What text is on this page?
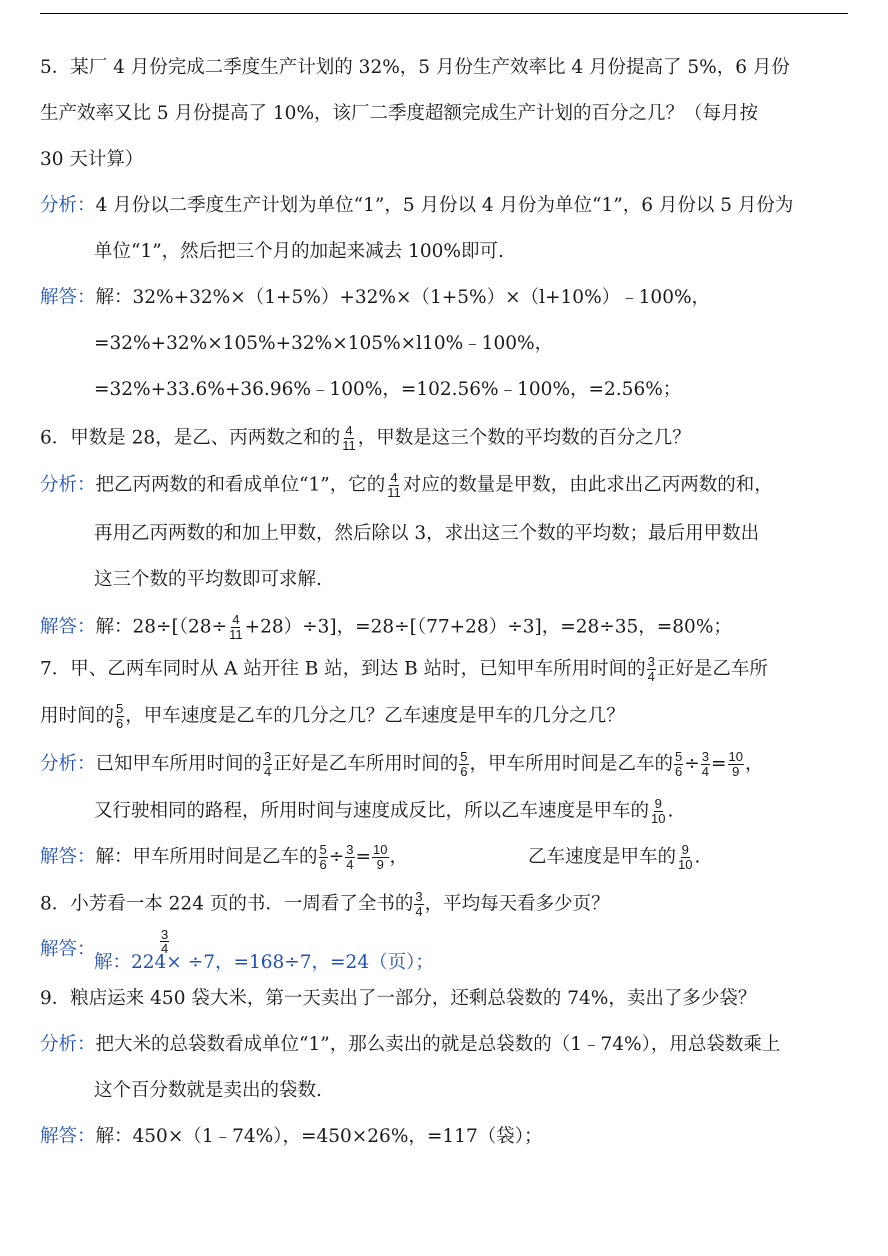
5．某厂 4 月份完成二季度生产计划的 32%，5 月份生产效率比 4 月份提高了 5%，6 月份
生产效率又比 5 月份提高了 10%，该厂二季度超额完成生产计划的百分之几？（每月按
30 天计算）
分析：4 月份以二季度生产计划为单位“1”，5 月份以 4 月份为单位“1”，6 月份以 5 月份为
单位“1”，然后把三个月的加起来减去 100%即可.
解答：解：32%+32%×（1+5%）+32%×（1+5%）×（l+10%）﹣100%，
=32%+32%×105%+32%×105%×l10%﹣100%，
=32%+33.6%+36.96%﹣100%，=102.56%﹣100%，=2.56%；
6．甲数是 28，是乙、丙两数之和的 $\frac{4}{11}$ ，甲数是这三个数的平均数的百分之几？
分析：把乙丙两数的和看成单位“1”，它的 $\frac{4}{11}$ 对应的数量是甲数，由此求出乙丙两数的和，
再用乙丙两数的和加上甲数，然后除以 3，求出这三个数的平均数；最后用甲数出
这三个数的平均数即可求解.
解答：解：$28\div[(28\div \frac{4}{11} +28)\div 3]$，=28÷[（77+28）÷3]，=28÷35，=80%；
7．甲、乙两车同时从 A 站开往 B 站，到达 B 站时，已知甲车所用时间的 $\frac{3}{4}$ 正好是乙车所
用时间的 $\frac{5}{6}$ ，甲车速度是乙车的几分之几？乙车速度是甲车的几分之几？
分析：已知甲车所用时间的 $\frac{3}{4}$ 正好是乙车所用时间的 $\frac{5}{6}$ ，甲车所用时间是乙车的 $\frac{5}{6} \div \frac{3}{4} = \frac{10}{9}$ ，
又行驶相同的路程，所用时间与速度成反比，所以乙车速度是甲车的 $\frac{9}{10}$ .
解答：解：甲车所用时间是乙车的 $\frac{5}{6} \div \frac{3}{4} = \frac{10}{9}$ ，	乙车速度是甲车的 $\frac{9}{10}$ .
8．小芳看一本 224 页的书．一周看了全书的 $\frac{3}{4}$ ，平均每天看多少页？
解答：	$\frac{3}{4}$
解：224× ÷7，=168÷7，=24（页）；
9．粮店运来 450 袋大米，第一天卖出了一部分，还剩总袋数的 74%，卖出了多少袋？
分析：把大米的总袋数看成单位“1”，那么卖出的就是总袋数的（1﹣74%），用总袋数乘上
这个百分数就是卖出的袋数.
解答：解：450×（1﹣74%），=450×26%，=117（袋）；
